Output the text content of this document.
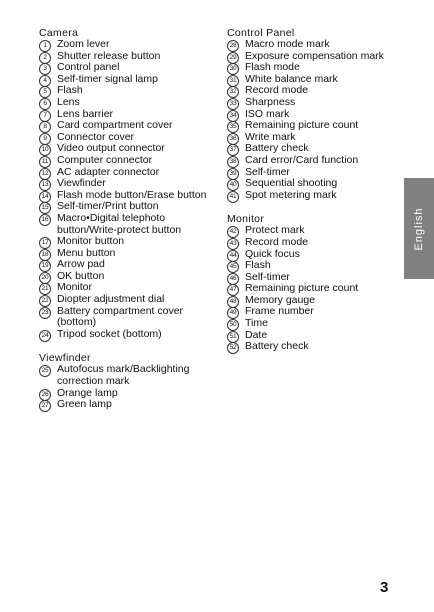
Camera
1 Zoom lever
2 Shutter release button
3 Control panel
4 Self-timer signal lamp
5 Flash
6 Lens
7 Lens barrier
8 Card compartment cover
9 Connector cover
10 Video output connector
11 Computer connector
12 AC adapter connector
13 Viewfinder
14 Flash mode button/Erase button
15 Self-timer/Print button
16 Macro•Digital telephoto button/Write-protect button
17 Monitor button
18 Menu button
19 Arrow pad
20 OK button
21 Monitor
22 Diopter adjustment dial
23 Battery compartment cover (bottom)
24 Tripod socket (bottom)
Viewfinder
25 Autofocus mark/Backlighting correction mark
26 Orange lamp
27 Green lamp
Control Panel
28 Macro mode mark
29 Exposure compensation mark
30 Flash mode
31 White balance mark
32 Record mode
33 Sharpness
34 ISO mark
35 Remaining picture count
36 Write mark
37 Battery check
38 Card error/Card function
39 Self-timer
40 Sequential shooting
41 Spot metering mark
Monitor
42 Protect mark
43 Record mode
44 Quick focus
45 Flash
46 Self-timer
47 Remaining picture count
48 Memory gauge
49 Frame number
50 Time
51 Date
52 Battery check
English
3
